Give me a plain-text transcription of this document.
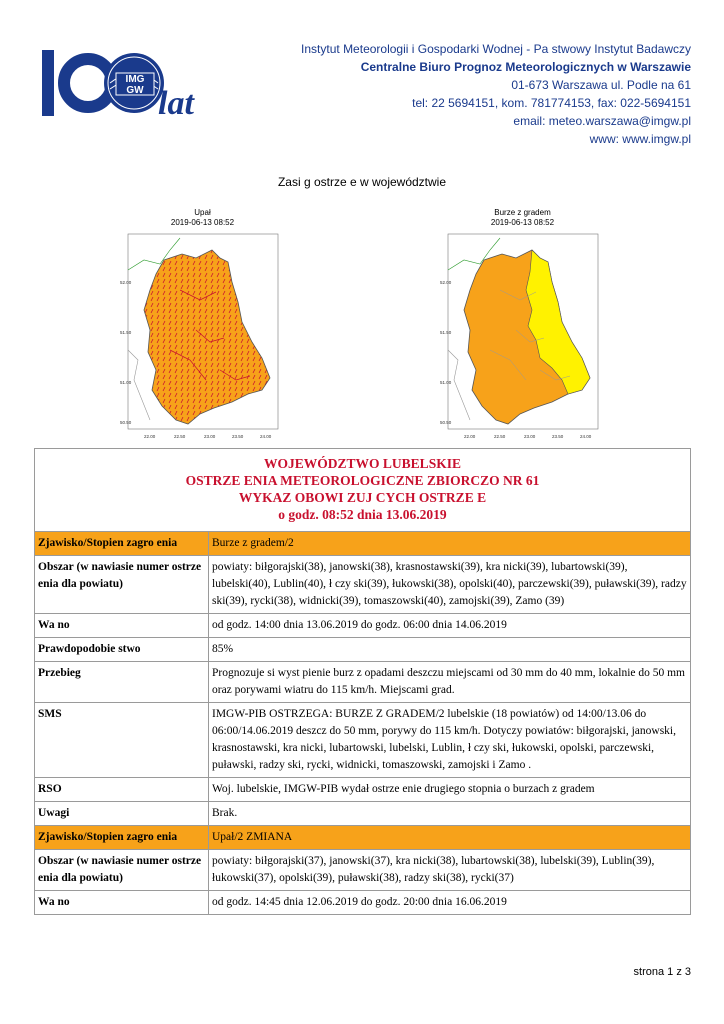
IMG
GW lat
Instytut Meteorologii i Gospodarki Wodnej - Pa stwowy Instytut Badawczy
Centralne Biuro Prognoz Meteorologicznych w Warszawie
01-673 Warszawa ul. Podle na 61
tel: 22 5694151, kom. 781774153, fax: 022-5694151
email: meteo.warszawa@imgw.pl
www: www.imgw.pl
Zasi g ostrze e w województwie
Upał
2019-06-13 08:52
52.00
51.50
51.00
50.50
22.00	22.50	23.00	23.50	24.00
Burze z gradem
2019-06-13 08:52
52.00
51.50
51.00
50.50
22.00	22.50	23.00	23.50	24.00
WOJEWÓDZTWO LUBELSKIE
OSTRZE ENIA METEOROLOGICZNE ZBIORCZO NR 61
WYKAZ OBOWI ZUJ CYCH OSTRZE E
o godz. 08:52 dnia 13.06.2019	

Zjawisko/Stopien zagro enia	Burze z gradem/2
Obszar (w nawiasie numer ostrze enia dla powiatu)	powiaty: biłgorajski(38), janowski(38), krasnostawski(39), kra nicki(39), lubartowski(39), lubelski(40), Lublin(40), ł czy ski(39), łukowski(38), opolski(40), parczewski(39), puławski(39), radzy ski(39), rycki(38), widnicki(39), tomaszowski(40), zamojski(39), Zamo (39)
Wa no	od godz. 14:00 dnia 13.06.2019 do godz. 06:00 dnia 14.06.2019
Prawdopodobie stwo	85%
Przebieg	Prognozuje si wyst pienie burz z opadami deszczu miejscami od 30 mm do 40 mm, lokalnie do 50 mm oraz porywami wiatru do 115 km/h. Miejscami grad.
SMS	IMGW-PIB OSTRZEGA: BURZE Z GRADEM/2 lubelskie (18 powiatów) od 14:00/13.06 do 06:00/14.06.2019 deszcz do 50 mm, porywy do 115 km/h. Dotyczy powiatów: biłgorajski, janowski, krasnostawski, kra nicki, lubartowski, lubelski, Lublin, ł czy ski, łukowski, opolski, parczewski, puławski, radzy ski, rycki, widnicki, tomaszowski, zamojski i Zamo .
RSO	Woj. lubelskie, IMGW-PIB wydał ostrze enie drugiego stopnia o burzach z gradem
Uwagi	Brak.
Zjawisko/Stopien zagro enia	Upał/2 ZMIANA
Obszar (w nawiasie numer ostrze enia dla powiatu)	powiaty: biłgorajski(37), janowski(37), kra nicki(38), lubartowski(38), lubelski(39), Lublin(39), łukowski(37), opolski(39), puławski(38), radzy ski(38), rycki(37)
Wa no	od godz. 14:45 dnia 12.06.2019 do godz. 20:00 dnia 16.06.2019
strona 1 z 3
